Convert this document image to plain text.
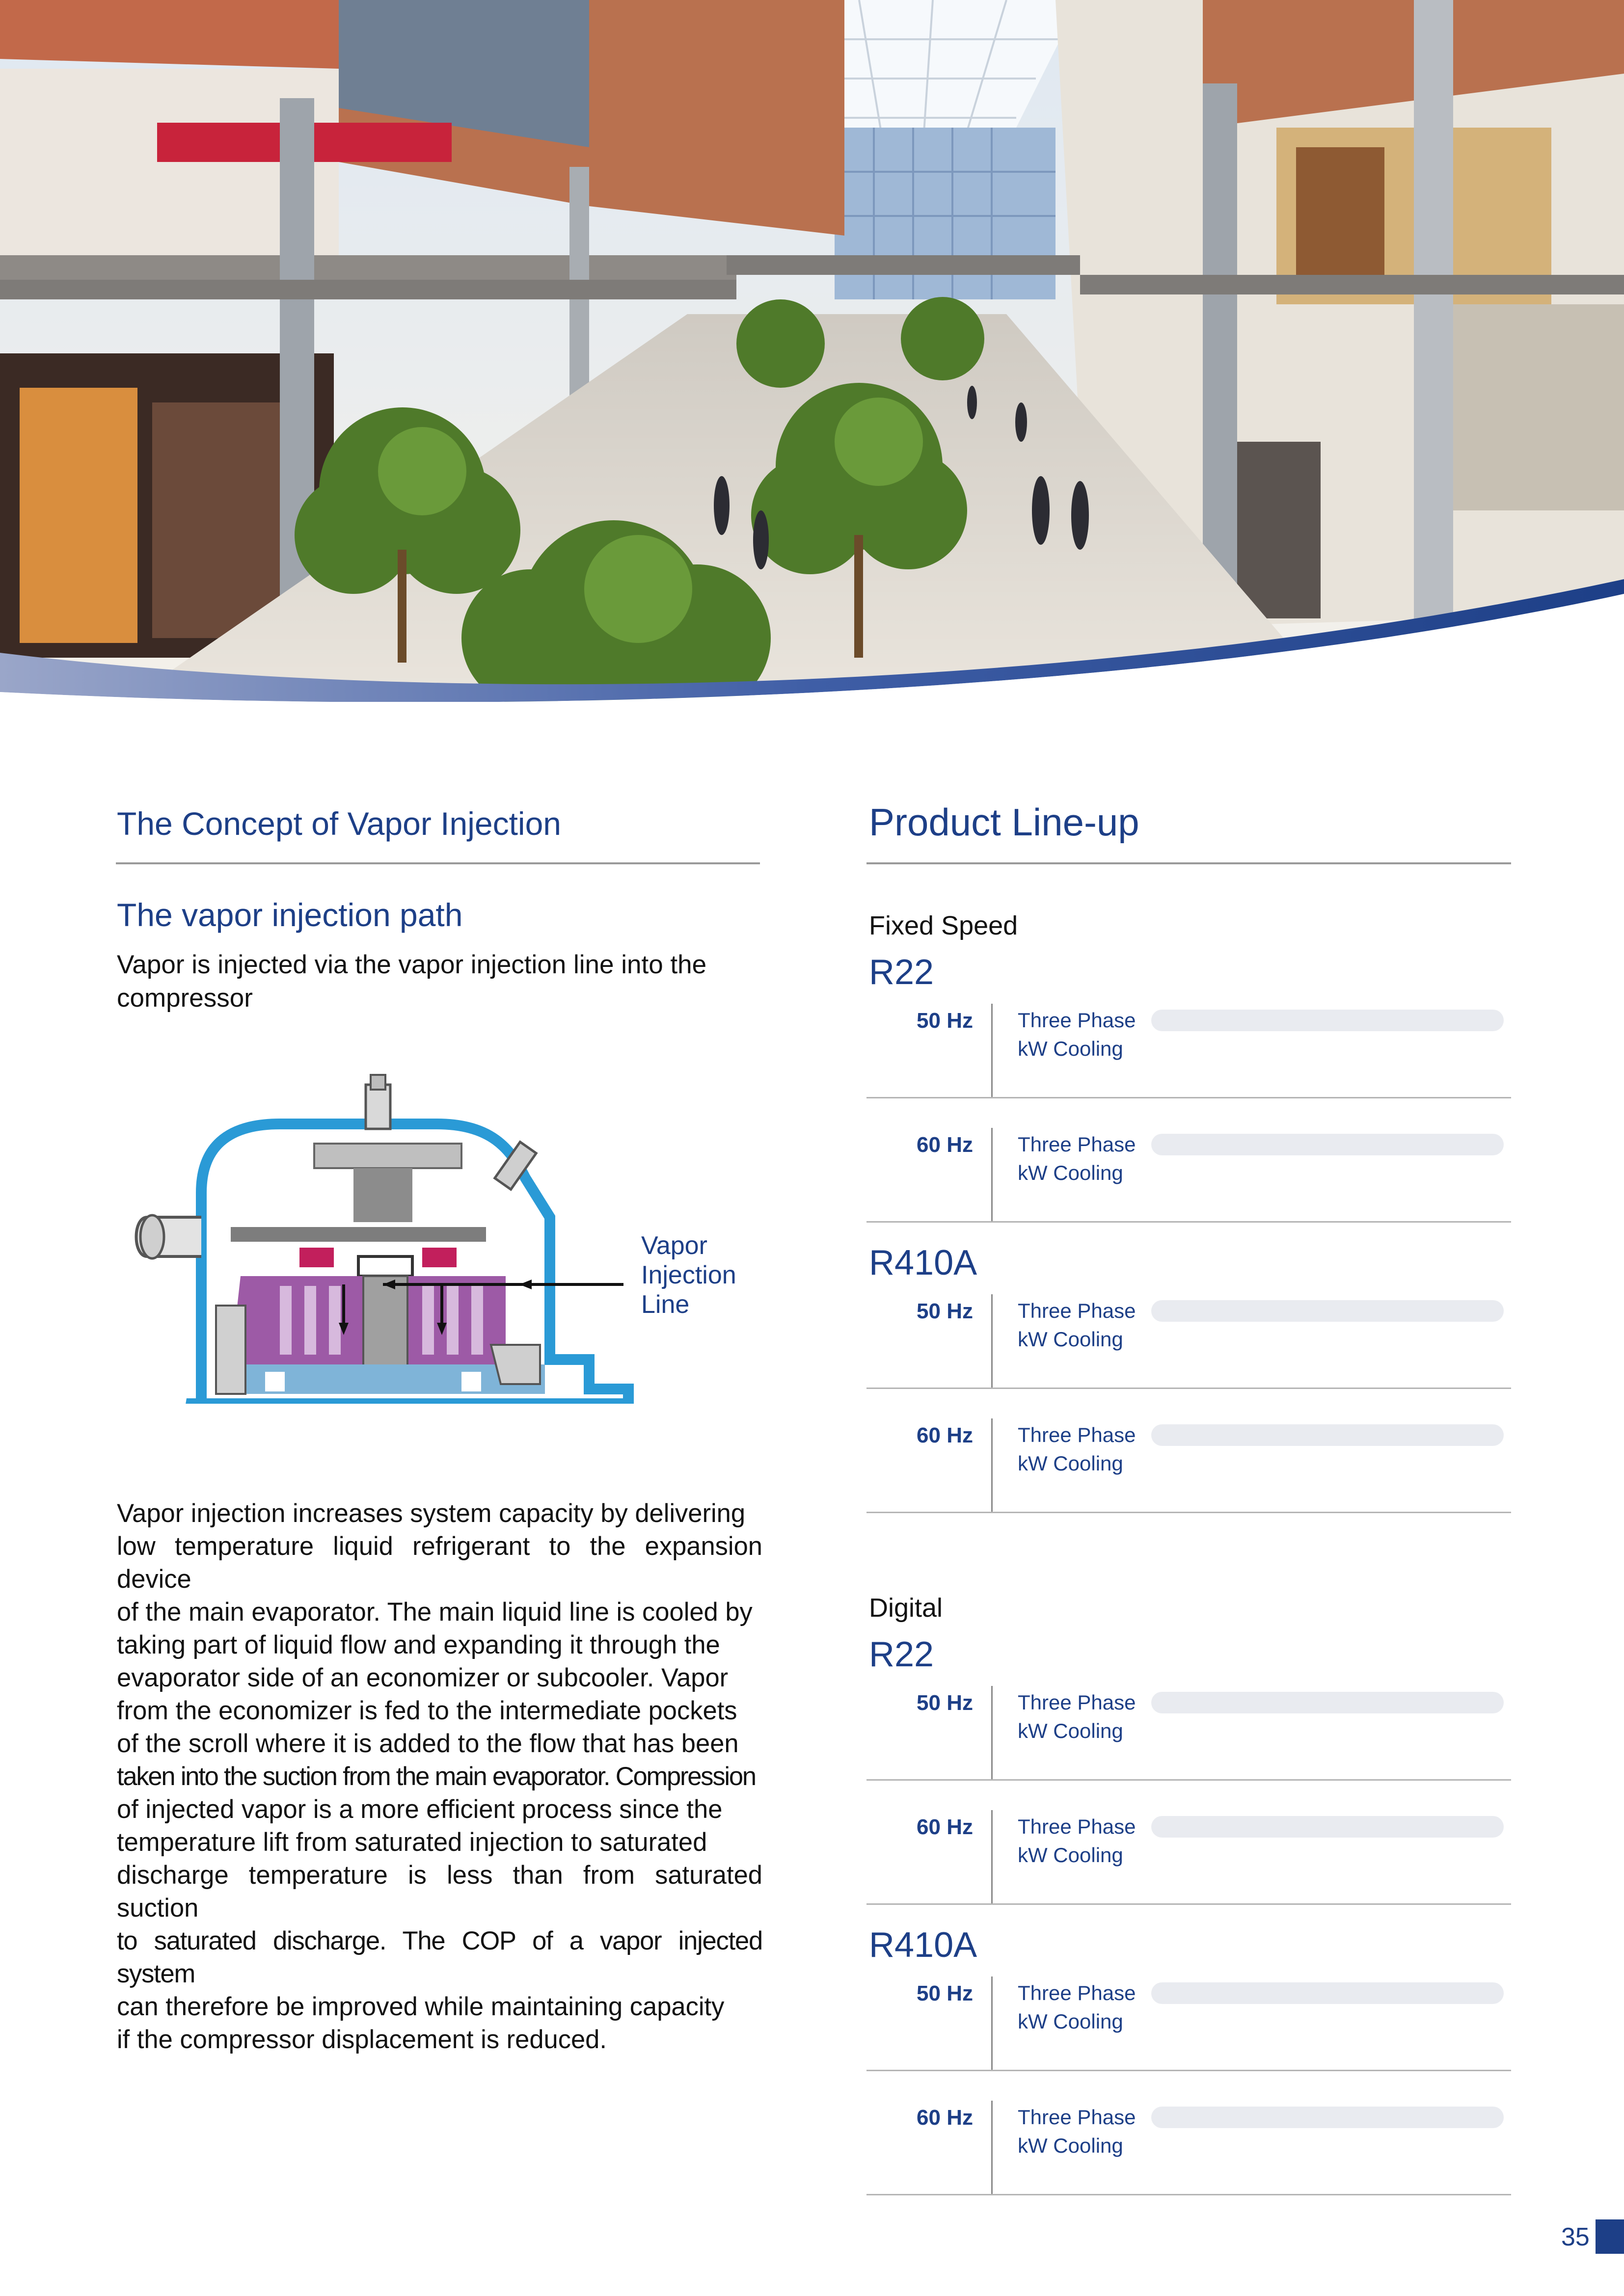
The Concept of Vapor Injection
The vapor injection path
Vapor is injected via the vapor injection line into the compressor
Vapor
Injection
Line
Vapor injection increases system capacity by delivering
low temperature liquid refrigerant to the expansion device
of the main evaporator. The main liquid line is cooled by
taking part of liquid flow and expanding it through the
evaporator side of an economizer or subcooler. Vapor
from the economizer is fed to the intermediate pockets
of the scroll where it is added to the flow that has been
taken into the suction from the main evaporator. Compression
of injected vapor is a more efficient process since the
temperature lift from saturated injection to saturated
discharge temperature is less than from saturated suction
to saturated discharge. The COP of a vapor injected system
can therefore be improved while maintaining capacity
if the compressor displacement is reduced.
Product Line-up
Fixed Speed
R22
50 Hz Three Phase
kW Cooling
60 Hz Three Phase
kW Cooling
R410A
50 Hz Three Phase
kW Cooling
60 Hz Three Phase
kW Cooling
Digital
R22
50 Hz Three Phase
kW Cooling
60 Hz Three Phase
kW Cooling
R410A
50 Hz Three Phase
kW Cooling
60 Hz Three Phase
kW Cooling
35
